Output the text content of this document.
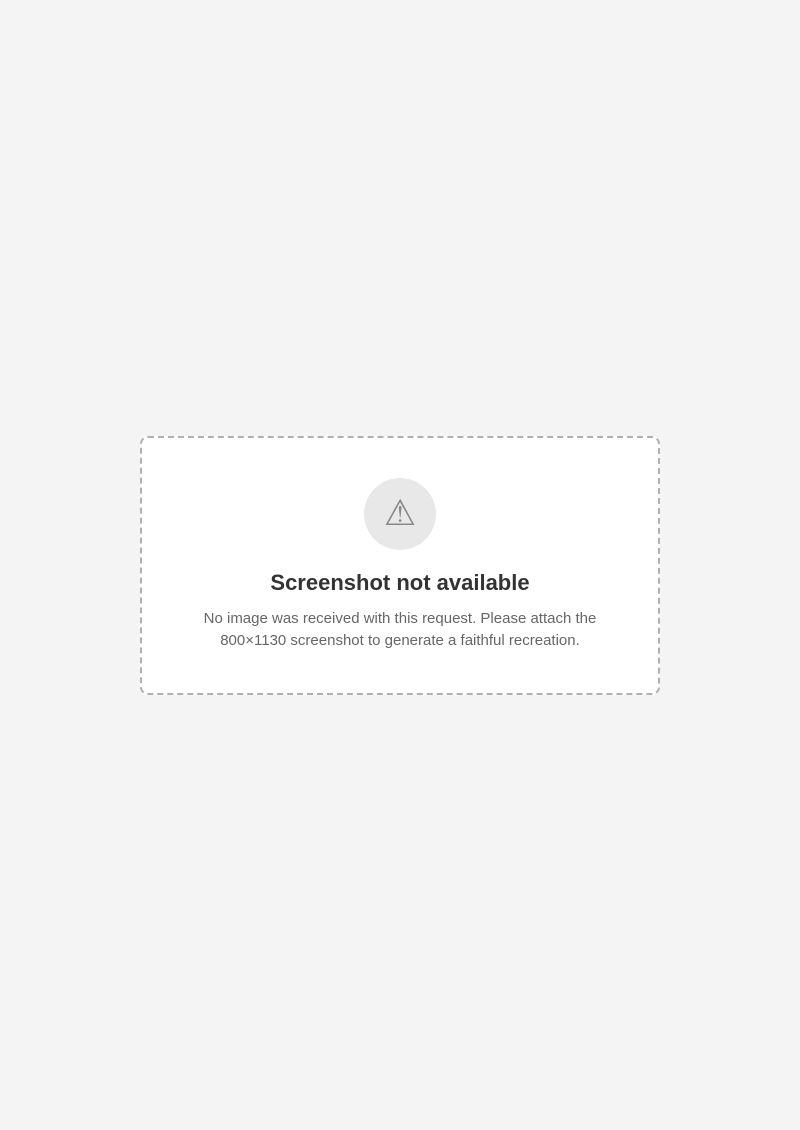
⚠
Screenshot not available
No image was received with this request. Please attach the 800×1130 screenshot to generate a faithful recreation.
